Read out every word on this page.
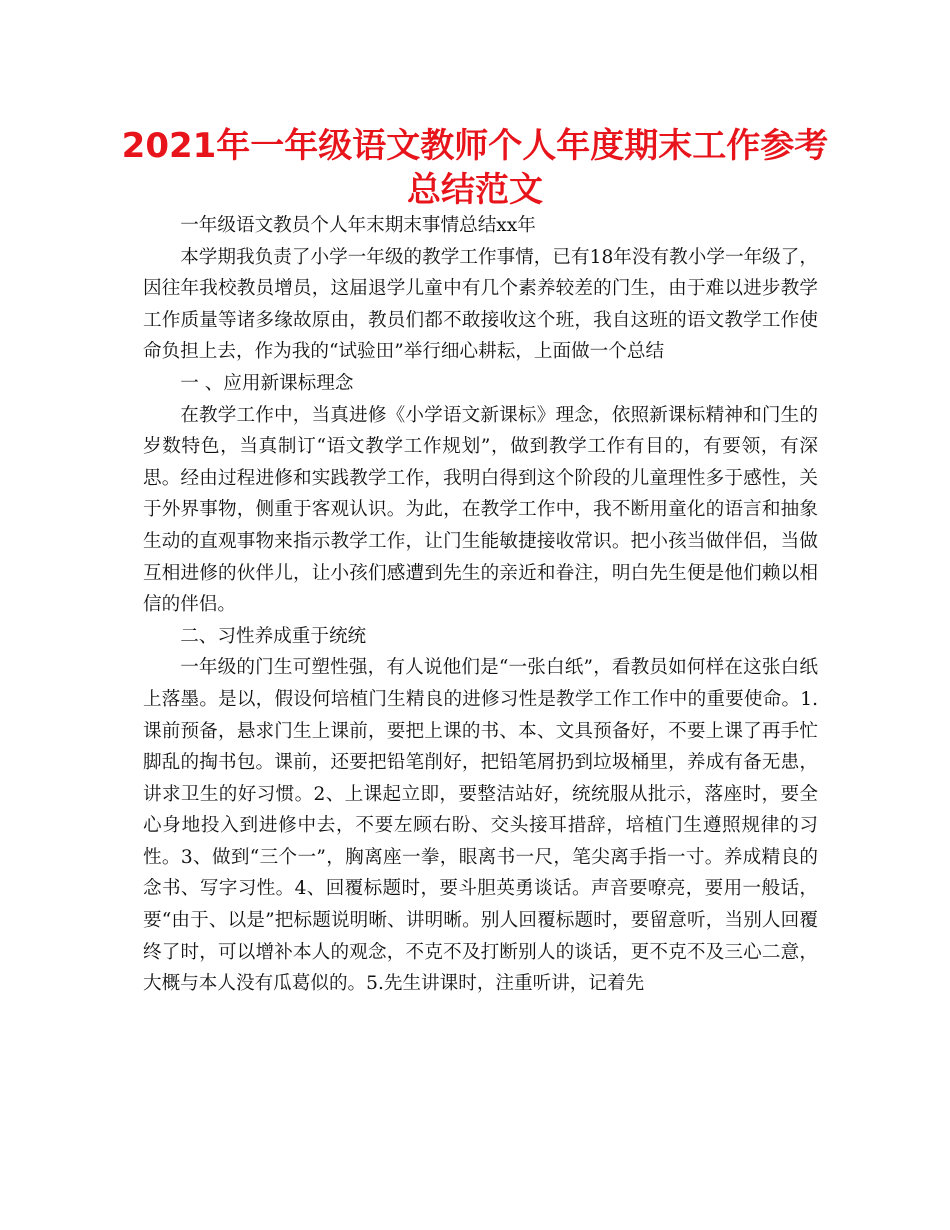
2021年一年级语文教师个人年度期末工作参考
总结范文

一年级语文教员个人年末期末事情总结xx年

本学期我负责了小学一年级的教学工作事情，已有18年没有教小学一年级了，因往年我校教员增员，这届退学儿童中有几个素养较差的门生，由于难以进步教学工作质量等诸多缘故原由，教员们都不敢接收这个班，我自这班的语文教学工作使命负担上去，作为我的“试验田”举行细心耕耘，上面做一个总结

一 、应用新课标理念

在教学工作中，当真进修《小学语文新课标》理念，依照新课标精神和门生的岁数特色，当真制订“语文教学工作规划”，做到教学工作有目的，有要领，有深思。经由过程进修和实践教学工作，我明白得到这个阶段的儿童理性多于感性，关于外界事物，侧重于客观认识。为此，在教学工作中，我不断用童化的语言和抽象生动的直观事物来指示教学工作，让门生能敏捷接收常识。把小孩当做伴侣，当做互相进修的伙伴儿，让小孩们感遭到先生的亲近和眷注，明白先生便是他们赖以相信的伴侣。

二、习性养成重于统统

一年级的门生可塑性强，有人说他们是“一张白纸”，看教员如何样在这张白纸上落墨。是以，假设何培植门生精良的进修习性是教学工作工作中的重要使命。1.课前预备，悬求门生上课前，要把上课的书、本、文具预备好，不要上课了再手忙脚乱的掏书包。课前，还要把铅笔削好，把铅笔屑扔到垃圾桶里，养成有备无患，讲求卫生的好习惯。2、上课起立即，要整洁站好，统统服从批示，落座时，要全心身地投入到进修中去，不要左顾右盼、交头接耳措辞，培植门生遵照规律的习性。3、做到“三个一”，胸离座一拳，眼离书一尺，笔尖离手指一寸。养成精良的念书、写字习性。4、回覆标题时，要斗胆英勇谈话。声音要嘹亮，要用一般话，要“由于、以是”把标题说明晰、讲明晰。别人回覆标题时，要留意听，当别人回覆终了时，可以增补本人的观念，不克不及打断别人的谈话，更不克不及三心二意，大概与本人没有瓜葛似的。5.先生讲课时，注重听讲，记着先
